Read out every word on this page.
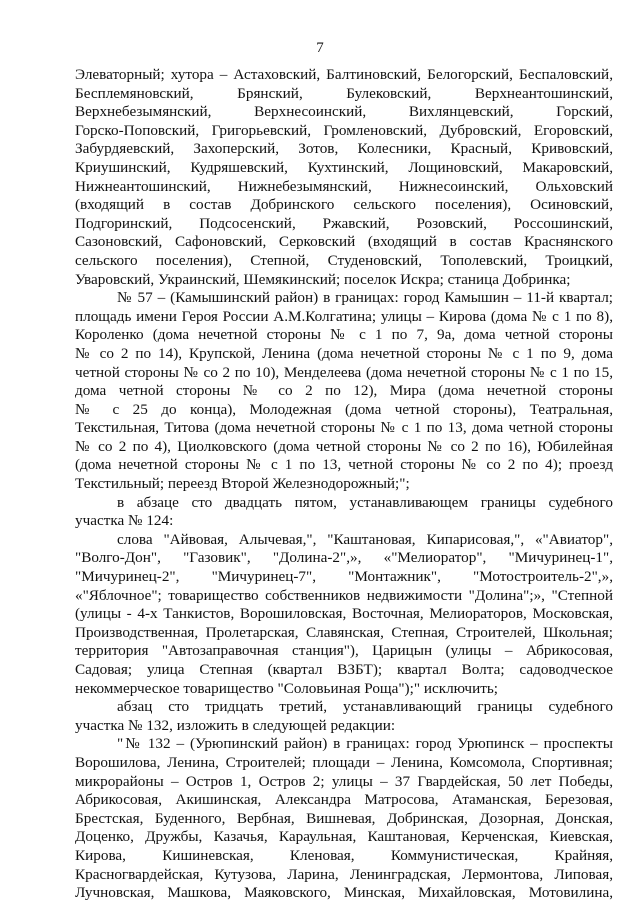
7
Элеваторный; хутора – Астаховский, Балтиновский, Белогорский, Беспаловский,
Бесплемяновский, Брянский, Булековский, Верхнеантошинский,
Верхнебезымянский, Верхнесоинский, Вихлянцевский, Горский,
Горско-Поповский, Григорьевский, Громленовский, Дубровский, Егоровский,
Забурдяевский, Захоперский, Зотов, Колесники, Красный, Кривовский,
Криушинский, Кудряшевский, Кухтинский, Лощиновский, Макаровский,
Нижнеантошинский, Нижнебезымянский, Нижнесоинский, Ольховский
(входящий в состав Добринского сельского поселения), Осиновский,
Подгоринский, Подсосенский, Ржавский, Розовский, Россошинский,
Сазоновский, Сафоновский, Серковский (входящий в состав Краснянского
сельского поселения), Степной, Студеновский, Тополевский, Троицкий,
Уваровский, Украинский, Шемякинский; поселок Искра; станица Добринка;
№ 57 – (Камышинский район) в границах: город Камышин – 11-й квартал;
площадь имени Героя России А.М.Колгатина; улицы – Кирова (дома № с 1 по 8),
Короленко (дома нечетной стороны № с 1 по 7, 9а, дома четной стороны
№ со 2 по 14), Крупской, Ленина (дома нечетной стороны № с 1 по 9, дома
четной стороны № со 2 по 10), Менделеева (дома нечетной стороны № с 1 по 15,
дома четной стороны № со 2 по 12), Мира (дома нечетной стороны
№ с 25 до конца), Молодежная (дома четной стороны), Театральная,
Текстильная, Титова (дома нечетной стороны № с 1 по 13, дома четной стороны
№ со 2 по 4), Циолковского (дома четной стороны № со 2 по 16), Юбилейная
(дома нечетной стороны № с 1 по 13, четной стороны № со 2 по 4); проезд
Текстильный; переезд Второй Железнодорожный;";
в абзаце сто двадцать пятом, устанавливающем границы судебного
участка № 124:
слова "Айвовая, Алычевая,", "Каштановая, Кипарисовая,", «"Авиатор",
"Волго-Дон", "Газовик", "Долина-2",», «"Мелиоратор", "Мичуринец-1",
"Мичуринец-2", "Мичуринец-7", "Монтажник", "Мотостроитель-2",»,
«"Яблочное"; товарищество собственников недвижимости "Долина";», "Степной
(улицы - 4-х Танкистов, Ворошиловская, Восточная, Мелиораторов, Московская,
Производственная, Пролетарская, Славянская, Степная, Строителей, Школьная;
территория "Автозаправочная станция"), Царицын (улицы – Абрикосовая,
Садовая; улица Степная (квартал ВЗБТ); квартал Волта; садоводческое
некоммерческое товарищество "Соловьиная Роща");" исключить;
абзац сто тридцать третий, устанавливающий границы судебного
участка № 132, изложить в следующей редакции:
"№ 132 – (Урюпинский район) в границах: город Урюпинск – проспекты
Ворошилова, Ленина, Строителей; площади – Ленина, Комсомола, Спортивная;
микрорайоны – Остров 1, Остров 2; улицы – 37 Гвардейская, 50 лет Победы,
Абрикосовая, Акишинская, Александра Матросова, Атаманская, Березовая,
Брестская, Буденного, Вербная, Вишневая, Добринская, Дозорная, Донская,
Доценко, Дружбы, Казачья, Караульная, Каштановая, Керченская, Киевская,
Кирова, Кишиневская, Кленовая, Коммунистическая, Крайняя,
Красногвардейская, Кутузова, Ларина, Ленинградская, Лермонтова, Липовая,
Лучновская, Машкова, Маяковского, Минская, Михайловская, Мотовилина,
